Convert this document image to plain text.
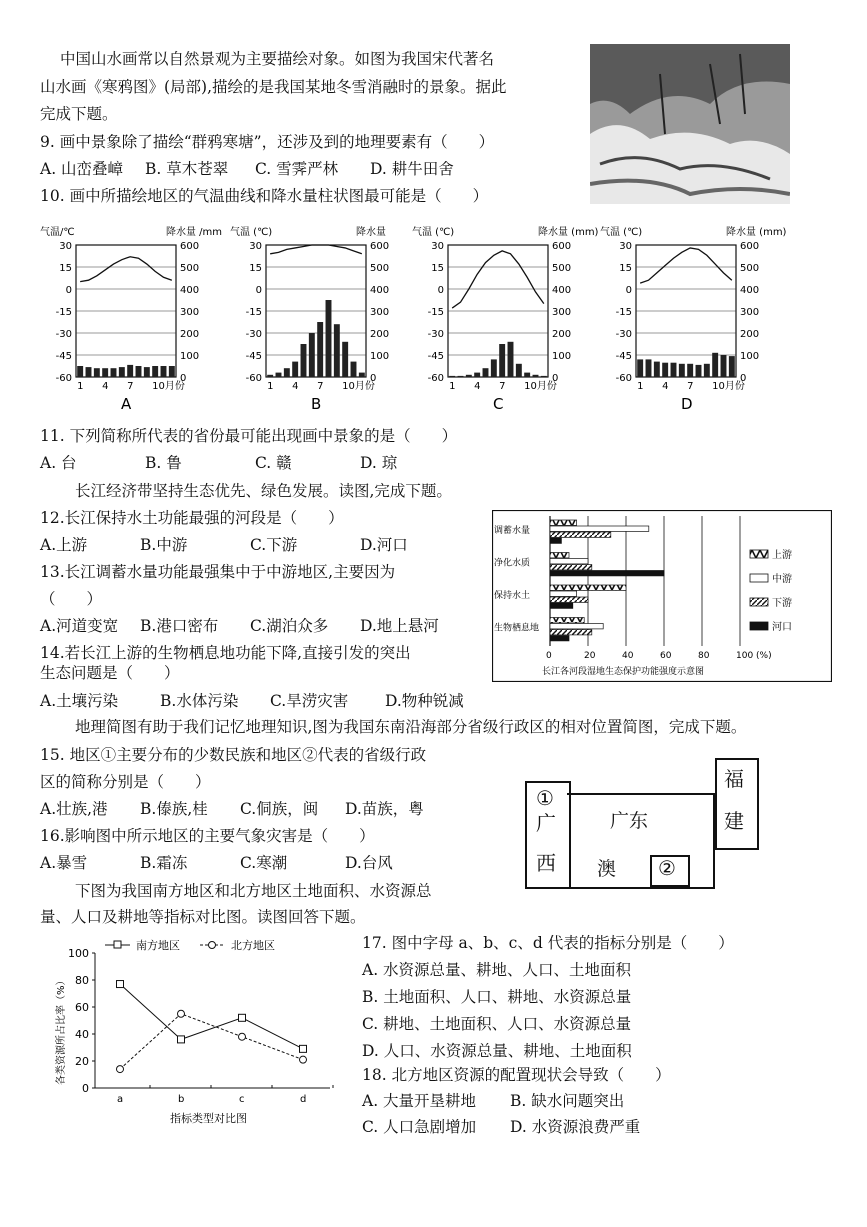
中国山水画常以自然景观为主要描绘对象。如图为我国宋代著名
山水画《寒鸦图》(局部),描绘的是我国某地冬雪消融时的景象。据此
完成下题。
9. 画中景象除了描绘“群鸦寒塘”，还涉及到的地理要素有（　　）
A. 山峦叠嶂 B. 草木苍翠 C. 雪霁严林 D. 耕牛田舍
10. 画中所描绘地区的气温曲线和降水量柱状图最可能是（　　）
气温/℃	降水量 /mm
30	600
15	500
0	400
-15	300
-30	200
-45	100
-60	0
1 4 7 10月份
A
气温 (℃)	降水量
30	600
15	500
0	400
-15	300
-30	200
-45	100
-60	0
1 4 7 10月份
B
气温 (℃)	降水量 (mm)
30	600
15	500
0	400
-15	300
-30	200
-45	100
-60	0
1 4 7 10月份
C
气温 (℃)	降水量 (mm)
30	600
15	500
0	400
-15	300
-30	200
-45	100
-60	0
1 4 7 10月份
D
11. 下列简称所代表的省份最可能出现画中景象的是（　　）
A. 台	B. 鲁	C. 赣	D. 琼
长江经济带坚持生态优先、绿色发展。读图,完成下题。
12.长江保持水土功能最强的河段是（　　）
A.上游	B.中游	C.下游	D.河口
13.长江调蓄水量功能最强集中于中游地区,主要因为
（　　）
A.河道变宽 B.港口密布 C.湖泊众多 D.地上悬河
14.若长江上游的生物栖息地功能下降,直接引发的突出
生态问题是（　　）
A.土壤污染	B.水体污染 C.旱涝灾害 D.物种锐减
0	20	40	60	80	100 (%)
调蓄水量
净化水质
保持水土
生物栖息地
上游
中游
下游
河口
长江各河段湿地生态保护功能强度示意图
地理简图有助于我们记忆地理知识,图为我国东南沿海部分省级行政区的相对位置简图，完成下题。
15. 地区①主要分布的少数民族和地区②代表的省级行政
区的简称分别是（　　）
A.壮族,港 B.傣族,桂 C.侗族，闽 D.苗族，粤
16.影响图中所示地区的主要气象灾害是（　　）
A.暴雪	B.霜冻	C.寒潮	D.台风
①
广
西
广东
澳 ②
福
建
下图为我国南方地区和北方地区土地面积、水资源总
量、人口及耕地等指标对比图。读图回答下题。
0
20
40
60
80
100
a	b	c	d
南方地区	北方地区
各类资源所占比率（%）
指标类型对比图
17. 图中字母 a、b、c、d 代表的指标分别是（　　）
A. 水资源总量、耕地、人口、土地面积
B. 土地面积、人口、耕地、水资源总量
C. 耕地、土地面积、人口、水资源总量
D. 人口、水资源总量、耕地、土地面积
18. 北方地区资源的配置现状会导致（　　）
A. 大量开垦耕地 B. 缺水问题突出
C. 人口急剧增加 D. 水资源浪费严重
